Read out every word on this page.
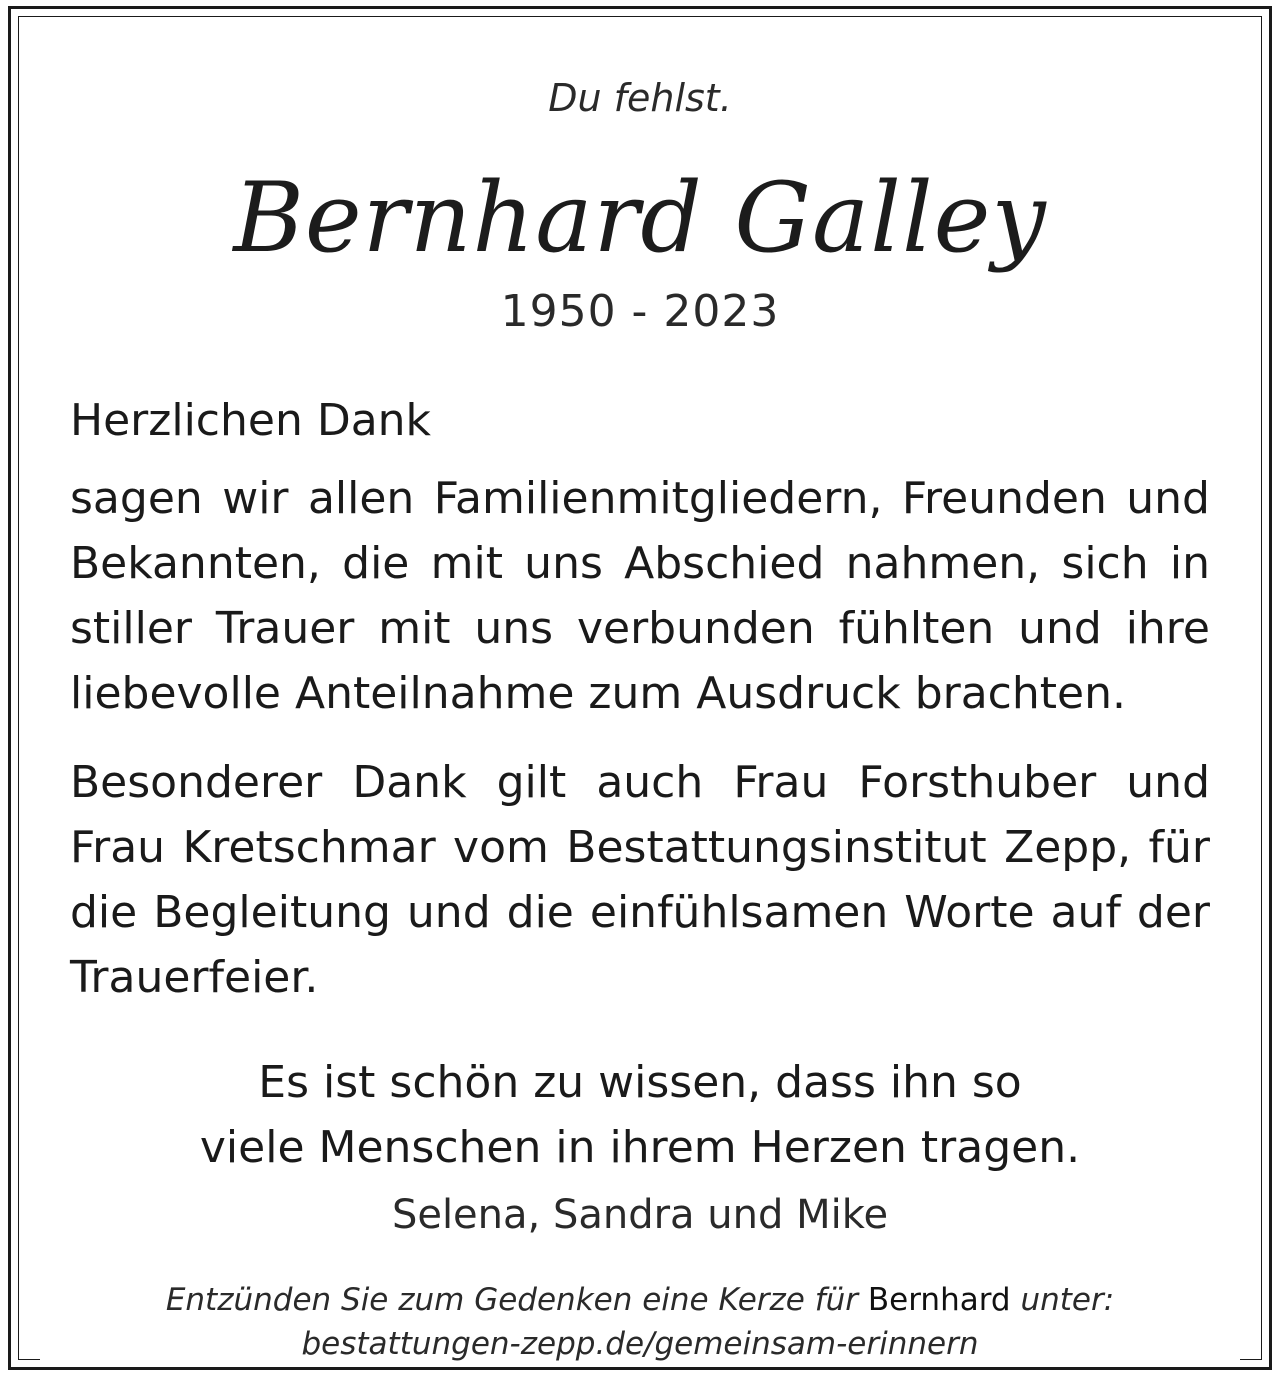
Du fehlst.
Bernhard Galley
1950 - 2023
Herzlichen Dank
sagen wir allen Familienmitgliedern, Freunden und Bekannten, die mit uns Abschied nahmen, sich in stiller Trauer mit uns verbunden fühlten und ihre liebevolle Anteilnahme zum Ausdruck brachten.
Besonderer Dank gilt auch Frau Forsthuber und Frau Kretschmar vom Bestattungsinstitut Zepp, für die Begleitung und die einfühlsamen Worte auf der Trauerfeier.
Es ist schön zu wissen, dass ihn so
viele Menschen in ihrem Herzen tragen.
Selena, Sandra und Mike
Entzünden Sie zum Gedenken eine Kerze für Bernhard unter:
bestattungen-zepp.de/gemeinsam-erinnern
